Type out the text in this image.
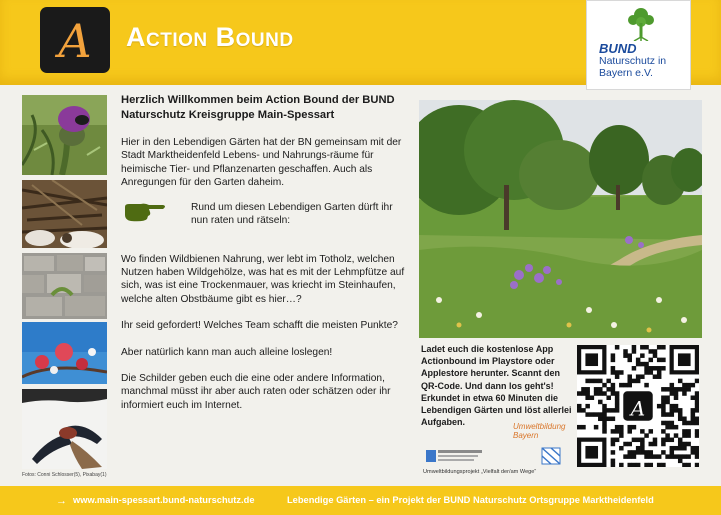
A Action Bound	BUND
Naturschutz in Bayern e.V.
Fotos: Conni Schlosser(5), Pixabay(1)
Herzlich Willkommen beim Action Bound der BUND Naturschutz Kreisgruppe Main-Spessart

Hier in den Lebendigen Gärten hat der BN gemeinsam mit der Stadt Marktheidenfeld Lebens- und Nahrungs-räume für heimische Tier- und Pflanzenarten geschaffen. Auch als Anregungen für den Garten daheim.

Rund um diesen Lebendigen Garten dürft ihr nun raten und rätseln:

Wo finden Wildbienen Nahrung, wer lebt im Totholz, welchen Nutzen haben Wildgehölze, was hat es mit der Lehmpfütze auf sich, was ist eine Trockenmauer, was kriecht im Steinhaufen, welche alten Obstbäume gibt es hier…?

Ihr seid gefordert! Welches Team schafft die meisten Punkte?

Aber natürlich kann man auch alleine loslegen!

Die Schilder geben euch die eine oder andere Information, manchmal müsst ihr aber auch raten oder schätzen oder ihr informiert euch im Internet.

Ladet euch die kostenlose App Actionbound im Playstore oder Applestore herunter. Scannt den QR-Code. Und dann los geht's! Erkundet in etwa 60 Minuten die Lebendigen Gärten und löst allerlei Aufgaben.
A
Umweltbildung Bayern
Umweltbildungsprojekt „Vielfalt der/am Wege“
→ www.main-spessart.bund-naturschutz.de	Lebendige Gärten – ein Projekt der BUND Naturschutz Ortsgruppe Marktheidenfeld
